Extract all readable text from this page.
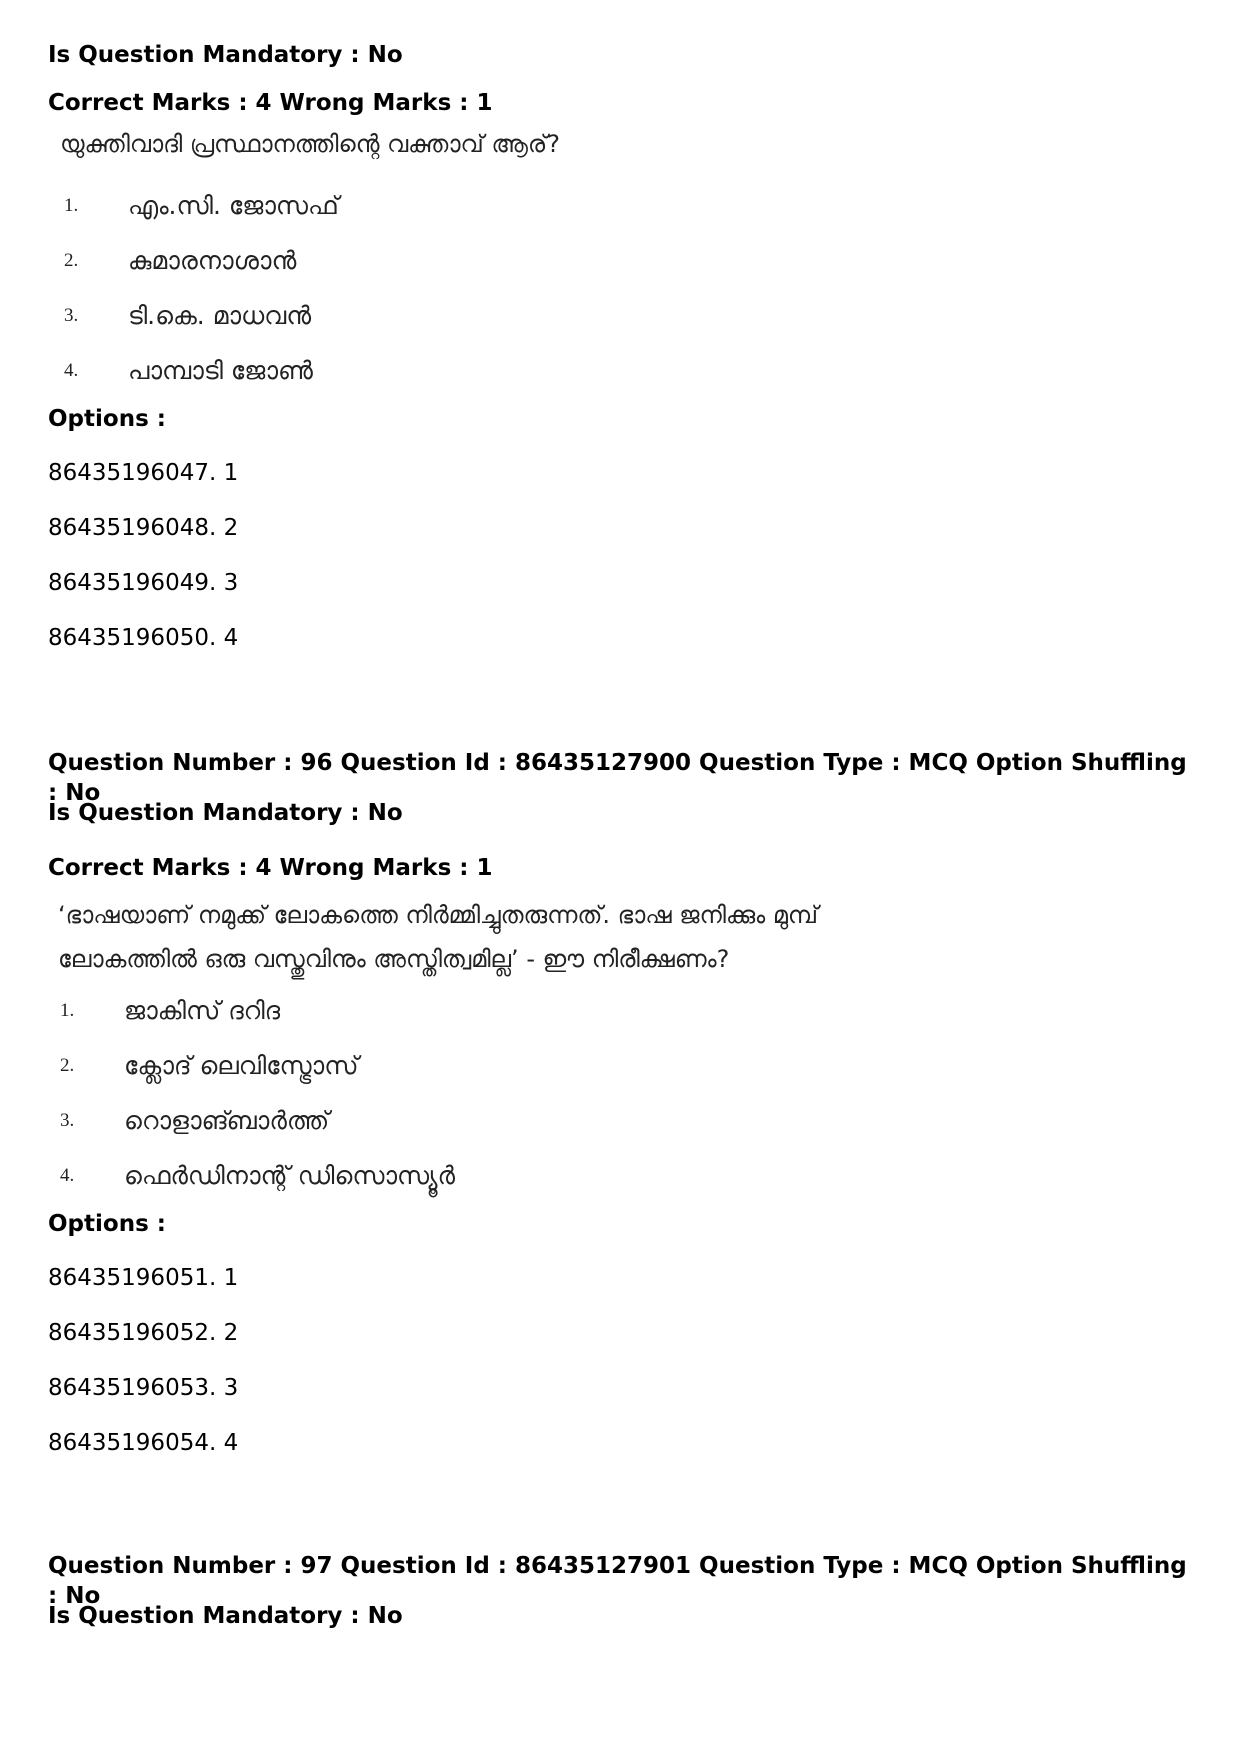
Is Question Mandatory : No

Correct Marks : 4 Wrong Marks : 1

യുക്തിവാദി പ്രസ്ഥാനത്തിന്റെ വക്താവ് ആര്?

1.	എം.സി. ജോസഫ്
2.	കുമാരനാശാൻ
3.	ടി.കെ. മാധവൻ
4.	പാമ്പാടി ജോൺ

Options :

86435196047. 1

86435196048. 2

86435196049. 3

86435196050. 4

Question Number : 96 Question Id : 86435127900 Question Type : MCQ Option Shuffling : No

Is Question Mandatory : No

Correct Marks : 4 Wrong Marks : 1

‘ഭാഷയാണ് നമുക്ക് ലോകത്തെ നിർമ്മിച്ചുതരുന്നത്. ഭാഷ ജനിക്കും മുമ്പ്

ലോകത്തിൽ ഒരു വസ്തുവിനും അസ്തിത്വമില്ല’ - ഈ നിരീക്ഷണം?

1.	ജാകിസ് ദറിദ
2.	ക്ലോദ് ലെവിസ്ട്രോസ്
3.	റൊളാങ്ബാർത്ത്
4.	ഫെർഡിനാന്റ് ഡിസൊസ്യൂർ

Options :

86435196051. 1

86435196052. 2

86435196053. 3

86435196054. 4

Question Number : 97 Question Id : 86435127901 Question Type : MCQ Option Shuffling : No

Is Question Mandatory : No
